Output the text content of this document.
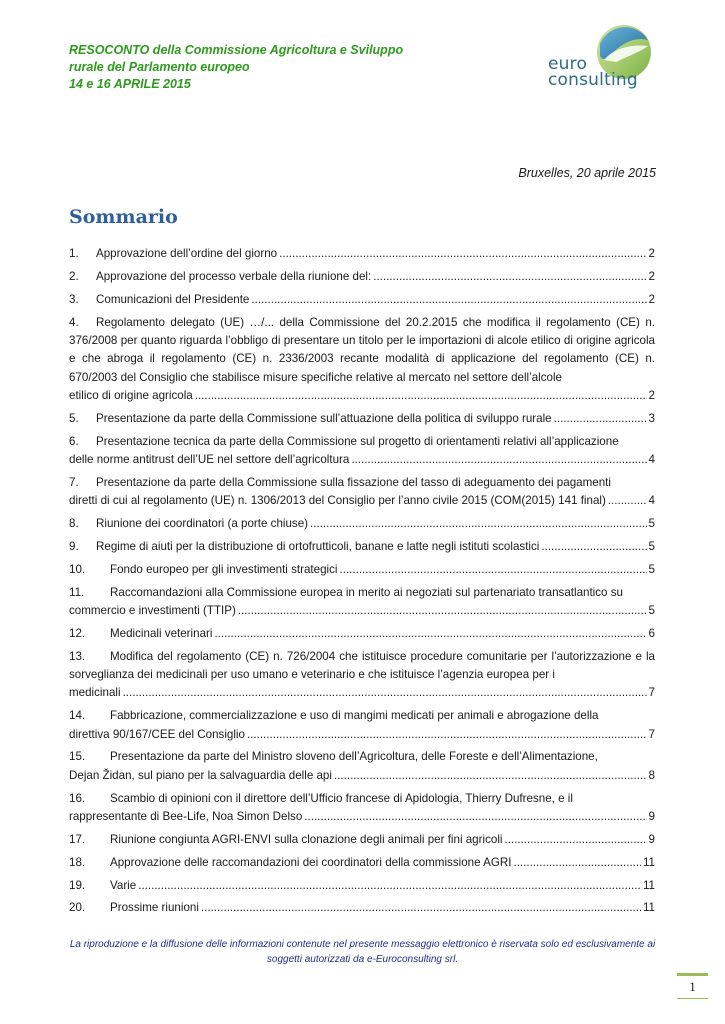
RESOCONTO della Commissione Agricoltura e Sviluppo
rurale del Parlamento europeo
14 e 16 APRILE 2015
euro
consulting
Bruxelles, 20 aprile 2015
Sommario
1.	Approvazione dell’ordine del giorno .....	2
2.	Approvazione del processo verbale della riunione del: .....	2
3.	Comunicazioni del Presidente .....	2
4. Regolamento delegato (UE) …/... della Commissione del 20.2.2015 che modifica il regolamento (CE) n. 376/2008 per quanto riguarda l’obbligo di presentare un titolo per le importazioni di alcole etilico di origine agricola e che abroga il regolamento (CE) n. 2336/2003 recante modalità di applicazione del regolamento (CE) n. 670/2003 del Consiglio che stabilisce misure specifiche relative al mercato nel settore dell’alcole
etilico di origine agricola .....	2
5.	Presentazione da parte della Commissione sull’attuazione della politica di sviluppo rurale .....	3
6. Presentazione tecnica da parte della Commissione sul progetto di orientamenti relativi all’applicazione
delle norme antitrust dell’UE nel settore dell’agricoltura .....	4
7. Presentazione da parte della Commissione sulla fissazione del tasso di adeguamento dei pagamenti
diretti di cui al regolamento (UE) n. 1306/2013 del Consiglio per l’anno civile 2015 (COM(2015) 141 final) .....	4
8.	Riunione dei coordinatori (a porte chiuse) .....	5
9.	Regime di aiuti per la distribuzione di ortofrutticoli, banane e latte negli istituti scolastici .....	5
10.	Fondo europeo per gli investimenti strategici .....	5
11. Raccomandazioni alla Commissione europea in merito ai negoziati sul partenariato transatlantico su
commercio e investimenti (TTIP) .....	5
12.	Medicinali veterinari .....	6
13. Modifica del regolamento (CE) n. 726/2004 che istituisce procedure comunitarie per l’autorizzazione e la sorveglianza dei medicinali per uso umano e veterinario e che istituisce l’agenzia europea per i
medicinali .....	7
14. Fabbricazione, commercializzazione e uso di mangimi medicati per animali e abrogazione della
direttiva 90/167/CEE del Consiglio .....	7
15. Presentazione da parte del Ministro sloveno dell’Agricoltura, delle Foreste e dell’Alimentazione,
Dejan Židan, sul piano per la salvaguardia delle api .....	8
16. Scambio di opinioni con il direttore dell’Ufficio francese di Apidologia, Thierry Dufresne, e il
rappresentante di Bee-Life, Noa Simon Delso .....	9
17.	Riunione congiunta AGRI-ENVI sulla clonazione degli animali per fini agricoli .....	9
18.	Approvazione delle raccomandazioni dei coordinatori della commissione AGRI .....	11
19.	Varie .....	11
20.	Prossime riunioni .....	11
La riproduzione e la diffusione delle informazioni contenute nel presente messaggio elettronico è riservata solo ed esclusivamente ai
soggetti autorizzati da e-Euroconsulting srl.
1
